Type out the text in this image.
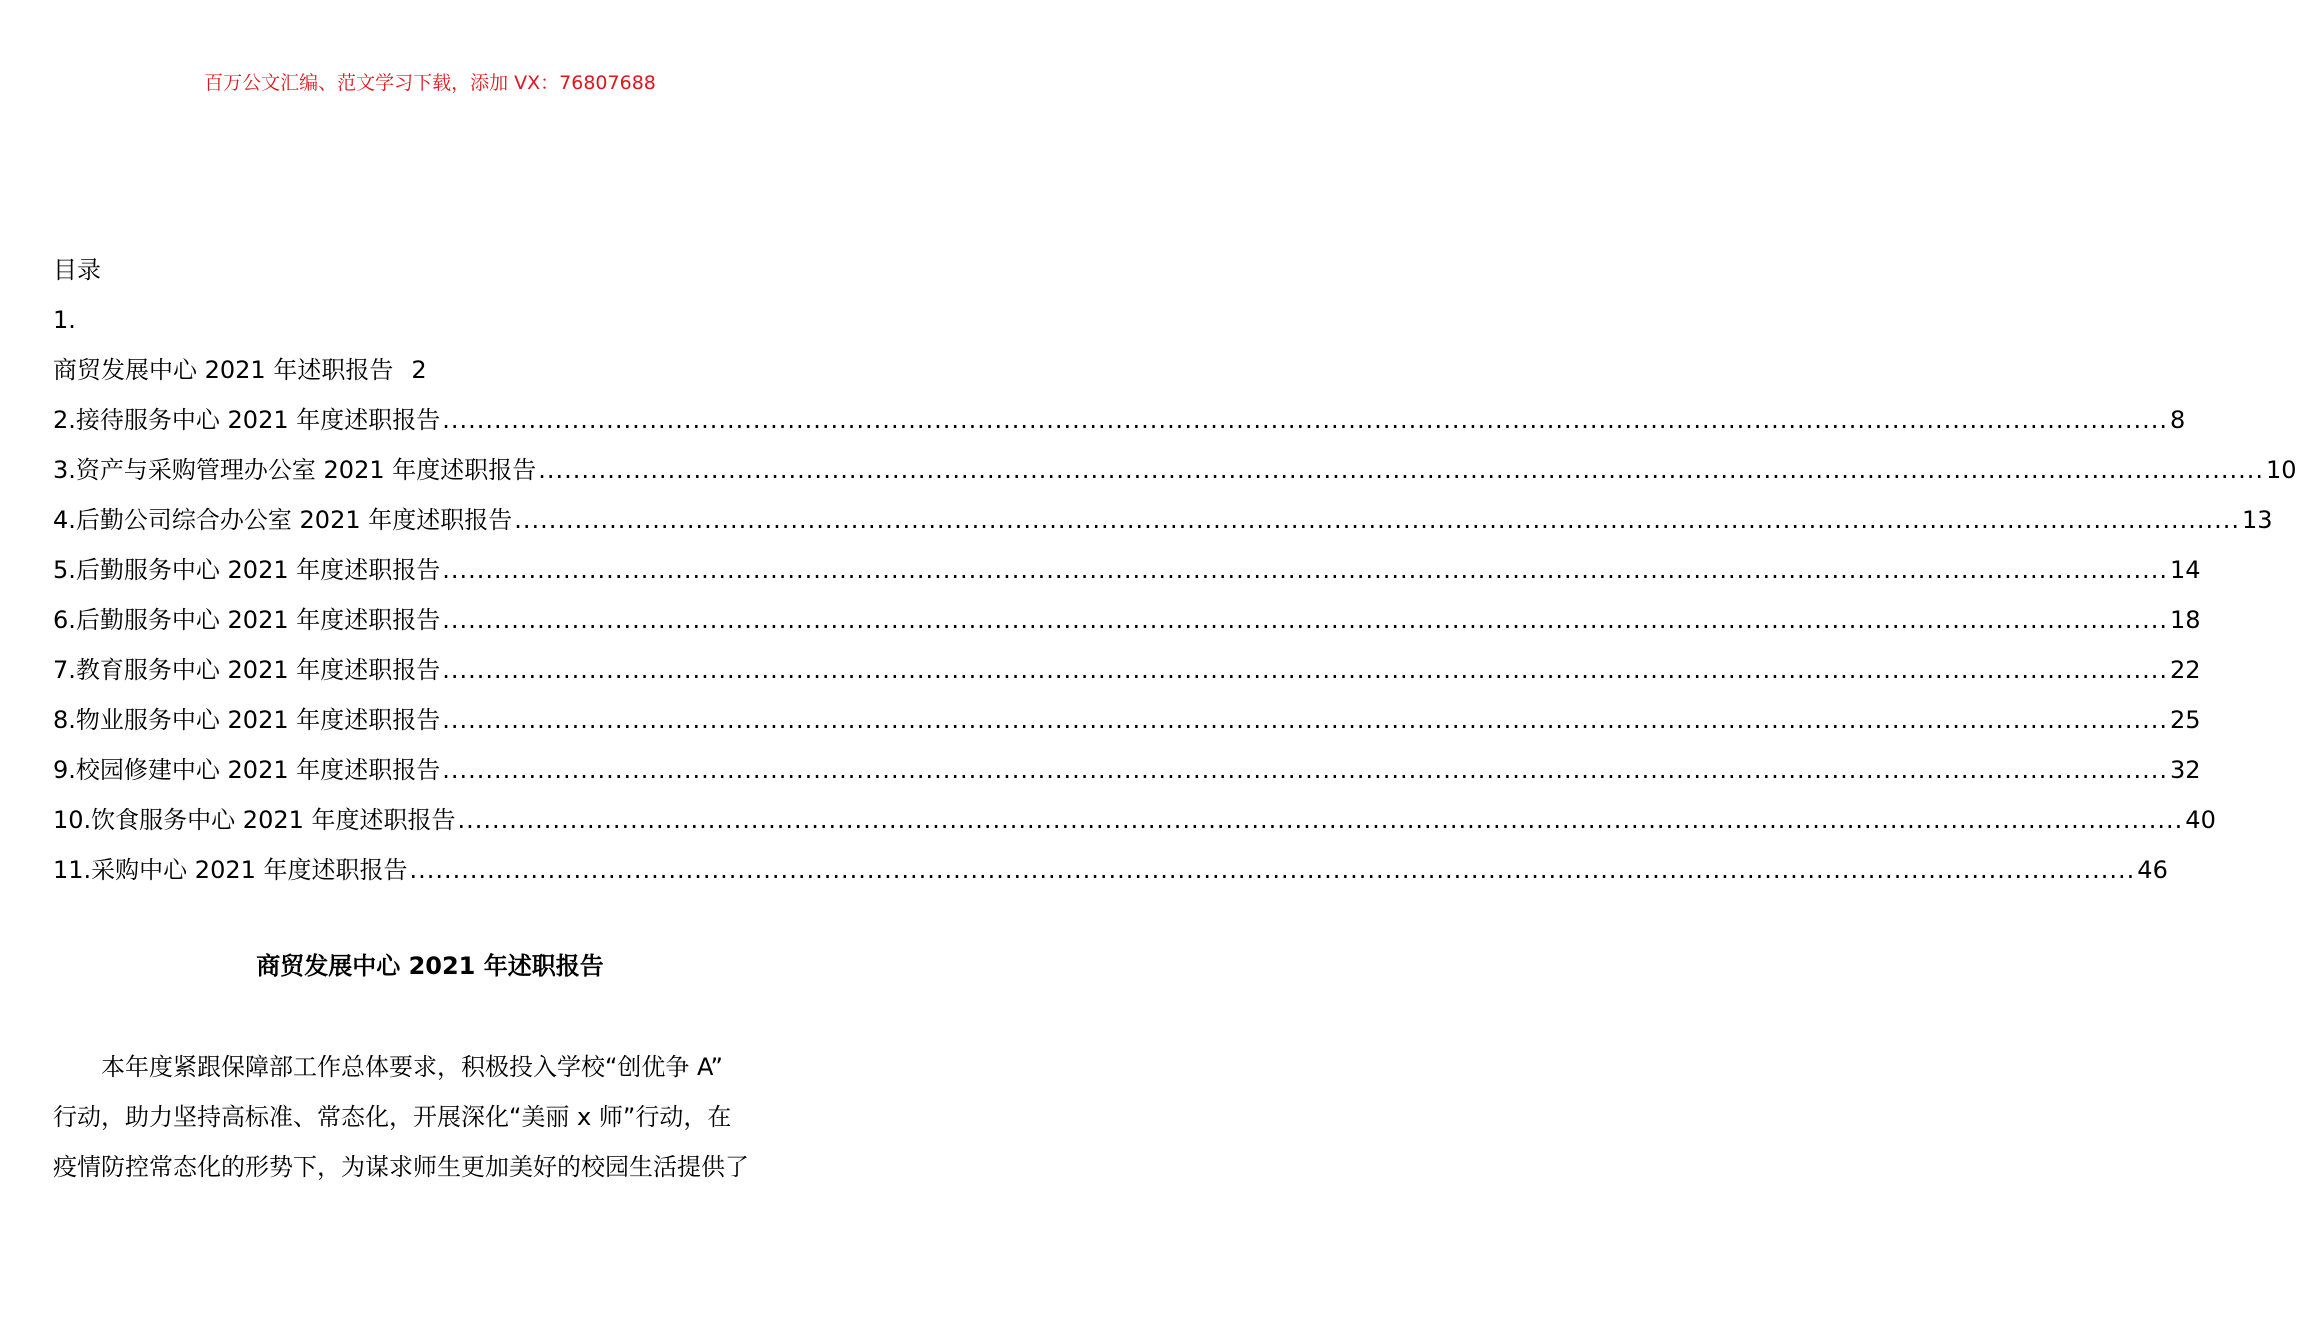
百万公文汇编、范文学习下载，添加 VX：76807688
目录
1.
商贸发展中心 2021 年述职报告 2
2.接待服务中心 2021 年度述职报告 ........................................................................................................................................................................................................ 8
3.资产与采购管理办公室 2021 年度述职报告 ........................................................................................................................................................................................................ 10
4.后勤公司综合办公室 2021 年度述职报告 ........................................................................................................................................................................................................ 13
5.后勤服务中心 2021 年度述职报告 ........................................................................................................................................................................................................ 14
6.后勤服务中心 2021 年度述职报告 ........................................................................................................................................................................................................ 18
7.教育服务中心 2021 年度述职报告 ........................................................................................................................................................................................................ 22
8.物业服务中心 2021 年度述职报告 ........................................................................................................................................................................................................ 25
9.校园修建中心 2021 年度述职报告 ........................................................................................................................................................................................................ 32
10.饮食服务中心 2021 年度述职报告 ........................................................................................................................................................................................................ 40
11.采购中心 2021 年度述职报告 ........................................................................................................................................................................................................ 46
商贸发展中心 2021 年述职报告
本年度紧跟保障部工作总体要求，积极投入学校“创优争 A”
行动，助力坚持高标准、常态化，开展深化“美丽 x 师”行动，在
疫情防控常态化的形势下，为谋求师生更加美好的校园生活提供了
